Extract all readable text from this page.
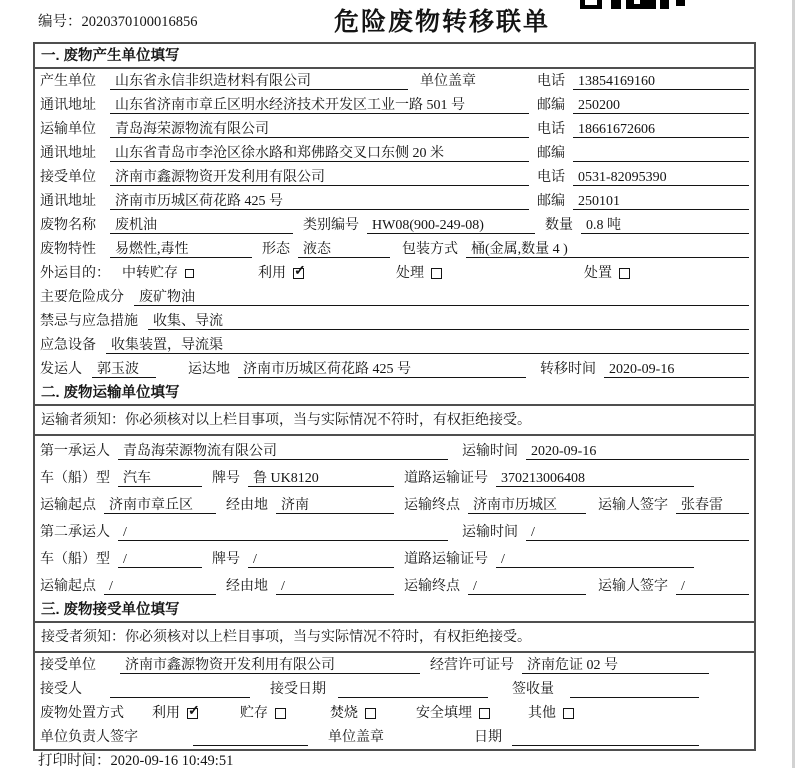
编号：2020370100016856	危险废物转移联单
一. 废物产生单位填写
产生单位	山东省永信非织造材料有限公司	单位盖章	电话 13854169160
通讯地址	山东省济南市章丘区明水经济技术开发区工业一路 501 号	邮编 250200
运输单位	青岛海荣源物流有限公司	电话 18661672606
通讯地址	山东省青岛市李沧区徐水路和郑佛路交叉口东侧 20 米	邮编
接受单位	济南市鑫源物资开发利用有限公司	电话 0531-82095390
通讯地址	济南市历城区荷花路 425 号	邮编 250101
废物名称	废机油	类别编号 HW08(900-249-08)	数量 0.8 吨
废物特性	易燃性,毒性	形态 液态	包装方式 桶(金属,数量 4 )
外运目的： 中转贮存	利用 ✓	处理	处置
主要危险成分	废矿物油
禁忌与应急措施	收集、导流
应急设备	收集装置，导流渠
发运人	郭玉波	运达地 济南市历城区荷花路 425 号	转移时间 2020-09-16
二. 废物运输单位填写
运输者须知：你必须核对以上栏目事项，当与实际情况不符时，有权拒绝接受。
第一承运人 青岛海荣源物流有限公司	运输时间 2020-09-16
车（船）型 汽车	牌号 鲁 UK8120	道路运输证号 370213006408
运输起点 济南市章丘区	经由地 济南	运输终点 济南市历城区	运输人签字 张春雷
第二承运人 /	运输时间 /
车（船）型 /	牌号 /	道路运输证号 /
运输起点 /	经由地 /	运输终点 /	运输人签字 /
三. 废物接受单位填写
接受者须知：你必须核对以上栏目事项，当与实际情况不符时，有权拒绝接受。
接受单位	济南市鑫源物资开发利用有限公司	经营许可证号 济南危证 02 号
接受人	接受日期	签收量
废物处置方式 利用 ✓	贮存	焚烧	安全填埋	其他
单位负责人签字	单位盖章	日期
打印时间：2020-09-16 10:49:51
